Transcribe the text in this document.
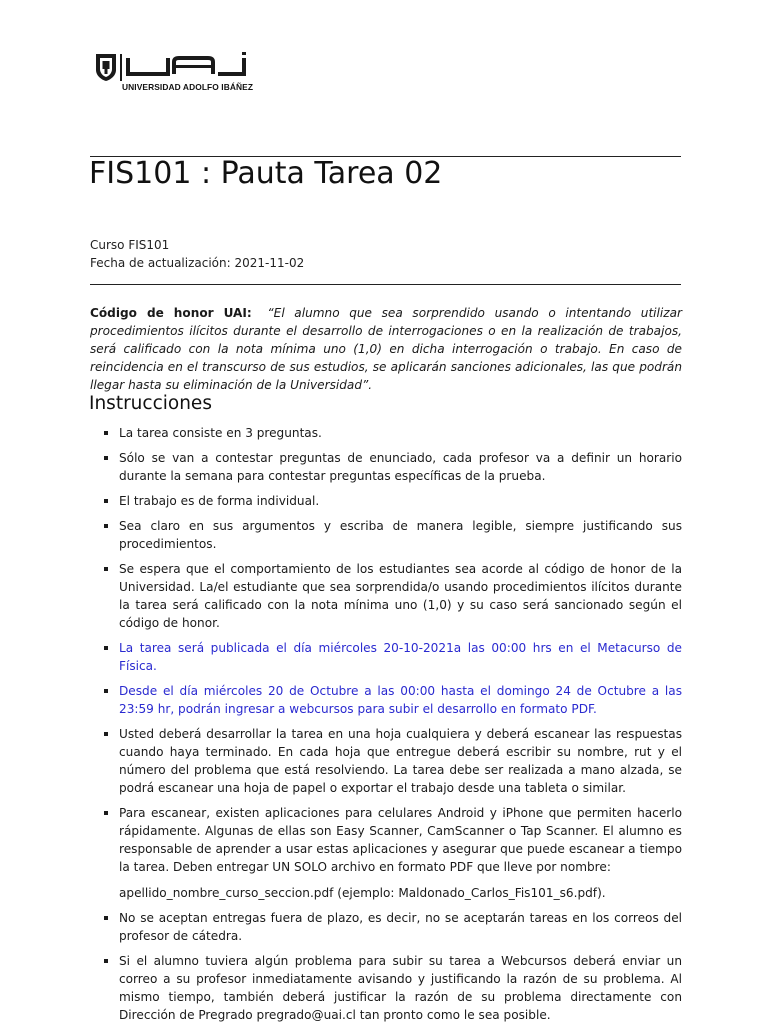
UNIVERSIDAD ADOLFO IBÁÑEZ
FIS101 : Pauta Tarea 02
Curso FIS101
Fecha de actualización: 2021-11-02
Código de honor UAI: “El alumno que sea sorprendido usando o intentando utilizar procedimientos ilícitos durante el desarrollo de interrogaciones o en la realización de trabajos, será calificado con la nota mínima uno (1,0) en dicha interrogación o trabajo. En caso de reincidencia en el transcurso de sus estudios, se aplicarán sanciones adicionales, las que podrán llegar hasta su eliminación de la Universidad”.
Instrucciones
La tarea consiste en 3 preguntas.
Sólo se van a contestar preguntas de enunciado, cada profesor va a definir un horario durante la semana para contestar preguntas específicas de la prueba.
El trabajo es de forma individual.
Sea claro en sus argumentos y escriba de manera legible, siempre justificando sus procedimientos.
Se espera que el comportamiento de los estudiantes sea acorde al código de honor de la Universidad. La/el estudiante que sea sorprendida/o usando procedimientos ilícitos durante la tarea será calificado con la nota mínima uno (1,0) y su caso será sancionado según el código de honor.
La tarea será publicada el día miércoles 20-10-2021a las 00:00 hrs en el Metacurso de Física.
Desde el día miércoles 20 de Octubre a las 00:00 hasta el domingo 24 de Octubre a las 23:59 hr, podrán ingresar a webcursos para subir el desarrollo en formato PDF.
Usted deberá desarrollar la tarea en una hoja cualquiera y deberá escanear las respuestas cuando haya terminado. En cada hoja que entregue deberá escribir su nombre, rut y el número del problema que está resolviendo. La tarea debe ser realizada a mano alzada, se podrá escanear una hoja de papel o exportar el trabajo desde una tableta o similar.
Para escanear, existen aplicaciones para celulares Android y iPhone que permiten hacerlo rápidamente. Algunas de ellas son Easy Scanner, CamScanner o Tap Scanner. El alumno es responsable de aprender a usar estas aplicaciones y asegurar que puede escanear a tiempo la tarea. Deben entregar UN SOLO archivo en formato PDF que lleve por nombre:
apellido_nombre_curso_seccion.pdf (ejemplo: Maldonado_Carlos_Fis101_s6.pdf).
No se aceptan entregas fuera de plazo, es decir, no se aceptarán tareas en los correos del profesor de cátedra.
Si el alumno tuviera algún problema para subir su tarea a Webcursos deberá enviar un correo a su profesor inmediatamente avisando y justificando la razón de su problema. Al mismo tiempo, también deberá justificar la razón de su problema directamente con Dirección de Pregrado pregrado@uai.cl tan pronto como le sea posible.
